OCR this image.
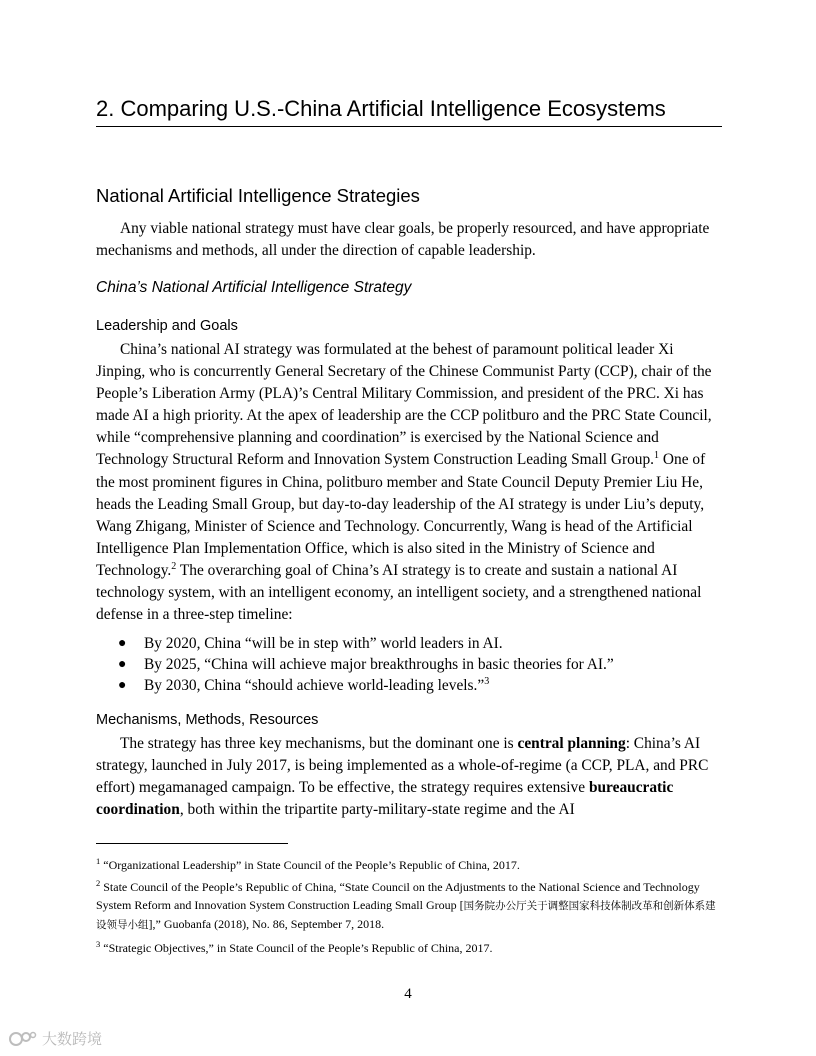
2. Comparing U.S.-China Artificial Intelligence Ecosystems
National Artificial Intelligence Strategies

Any viable national strategy must have clear goals, be properly resourced, and have appropriate mechanisms and methods, all under the direction of capable leadership.

China’s National Artificial Intelligence Strategy
Leadership and Goals

China’s national AI strategy was formulated at the behest of paramount political leader Xi Jinping, who is concurrently General Secretary of the Chinese Communist Party (CCP), chair of the People’s Liberation Army (PLA)’s Central Military Commission, and president of the PRC. Xi has made AI a high priority. At the apex of leadership are the CCP politburo and the PRC State Council, while “comprehensive planning and coordination” is exercised by the National Science and Technology Structural Reform and Innovation System Construction Leading Small Group.$^1$ One of the most prominent figures in China, politburo member and State Council Deputy Premier Liu He, heads the Leading Small Group, but day-to-day leadership of the AI strategy is under Liu’s deputy, Wang Zhigang, Minister of Science and Technology. Concurrently, Wang is head of the Artificial Intelligence Plan Implementation Office, which is also sited in the Ministry of Science and Technology.$^2$ The overarching goal of China’s AI strategy is to create and sustain a national AI technology system, with an intelligent economy, an intelligent society, and a strengthened national defense in a three-step timeline:

● By 2020, China “will be in step with” world leaders in AI.
● By 2025, “China will achieve major breakthroughs in basic theories for AI.”
● By 2030, China “should achieve world-leading levels.”$^3$
Mechanisms, Methods, Resources

The strategy has three key mechanisms, but the dominant one is central planning: China’s AI strategy, launched in July 2017, is being implemented as a whole-of-regime (a CCP, PLA, and PRC effort) megamanaged campaign. To be effective, the strategy requires extensive bureaucratic coordination, both within the tripartite party-military-state regime and the AI

$^1$ “Organizational Leadership” in State Council of the People’s Republic of China, 2017.

$^2$ State Council of the People’s Republic of China, “State Council on the Adjustments to the National Science and Technology System Reform and Innovation System Construction Leading Small Group [国务院办公厅关于调整国家科技体制改革和创新体系建设领导小组],” Guobanfa (2018), No. 86, September 7, 2018.

$^3$ “Strategic Objectives,” in State Council of the People’s Republic of China, 2017.

4
大数跨境
